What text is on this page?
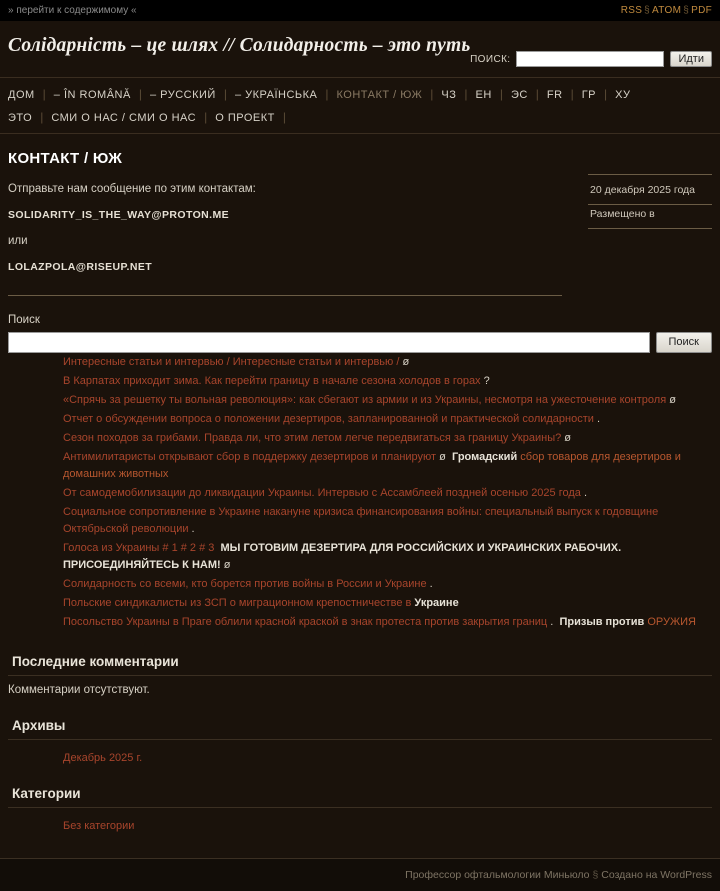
» перейти к содержимому «	RSS § ATOM § PDF
Солідарність – це шлях // Солидарность – это путь
ПОИСК:	Идти
ДОМ | – ÎN ROMÂNĂ | – РУССКИЙ | – УКРАЇНСЬКА | КОНТАКТ / ЮЖ | ЧЗ | ЕН | ЭС | FR | ГР | ХУ
ЭТО | СМИ О НАС / СМИ О НАС | О ПРОЕКТ |
20 декабря 2025 года
Размещено в
КОНТАКТ / ЮЖ

Отправьте нам сообщение по этим контактам:

SOLIDARITY_IS_THE_WAY@PROTON.ME

или

LOLAZPOLA@RISEUP.NET

Поиск
Поиск
Интересные статьи и интервью / Интересные статьи и интервью / ø
В Карпатах приходит зима. Как перейти границу в начале сезона холодов в горах ?
«Спрячь за решетку ты вольная революция»: как сбегают из армии и из Украины, несмотря на ужесточение контроля ø
Отчет о обсуждении вопроса о положении дезертиров, запланированной и практической солидарности .
Сезон походов за грибами. Правда ли, что этим летом легче передвигаться за границу Украины? ø
Антимилитаристы открывают сбор в поддержку дезертиров и планируют ø Громадский сбор товаров для дезертиров и домашних животных
От самодемобилизации до ликвидации Украины. Интервью с Ассамблеей поздней осенью 2025 года .
Социальное сопротивление в Украине накануне кризиса финансирования войны: специальный выпуск к годовщине Октябрьской революции .
Голоса из Украины # 1 # 2 # 3 МЫ ГОТОВИМ ДЕЗЕРТИРА ДЛЯ РОССИЙСКИХ И УКРАИНСКИХ РАБОЧИХ. ПРИСОЕДИНЯЙТЕСЬ К НАМ! ø
Солидарность со всеми, кто борется против войны в России и Украине .
Польские синдикалисты из ЗСП о миграционном крепостничестве в Украине
Посольство Украины в Праге облили красной краской в знак протеста против закрытия границ . Призыв против ОРУЖИЯ
Последние комментарии
Комментарии отсутствуют.
Архивы
Декабрь 2025 г.
Категории
Без категории
Профессор офтальмологии Миньюло § Создано на WordPress
